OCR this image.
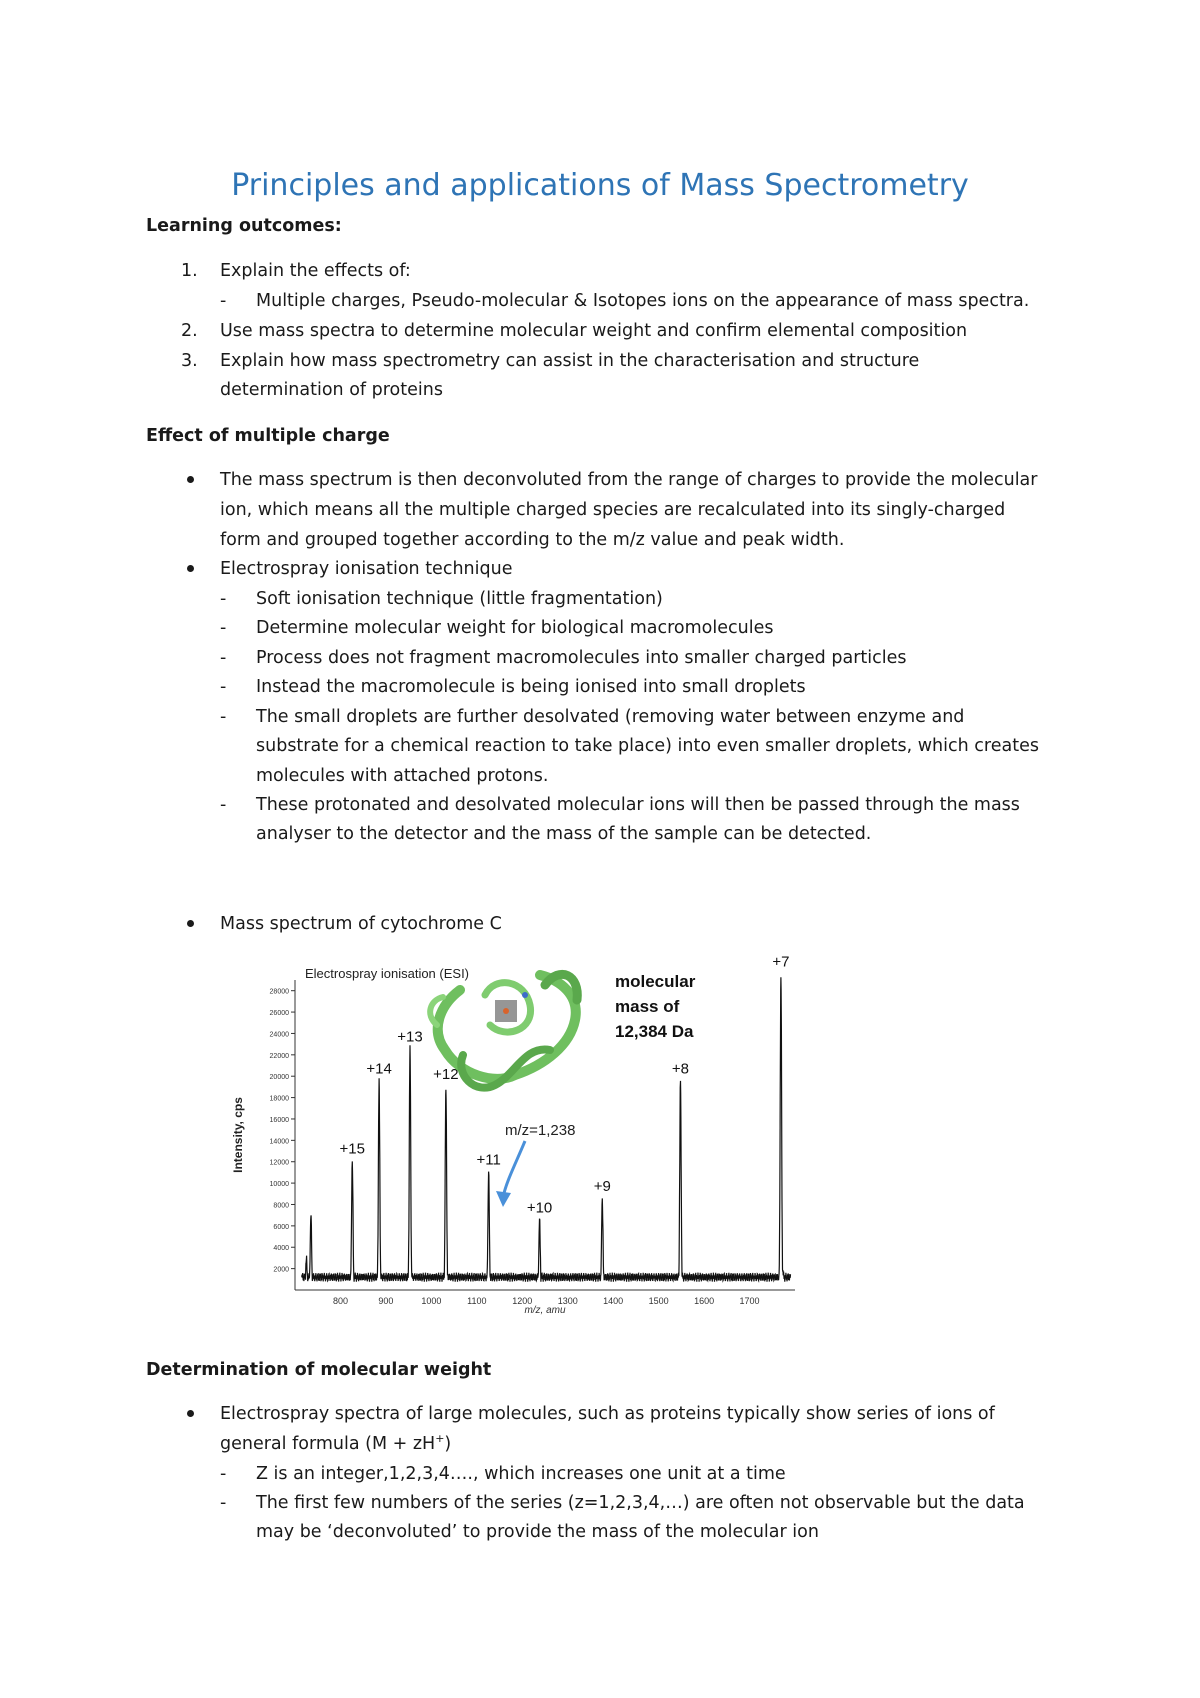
Principles and applications of Mass Spectrometry
Learning outcomes:
1. Explain the effects of:
- Multiple charges, Pseudo-molecular & Isotopes ions on the appearance of mass spectra.
2. Use mass spectra to determine molecular weight and confirm elemental composition
3. Explain how mass spectrometry can assist in the characterisation and structure
determination of proteins
Effect of multiple charge
The mass spectrum is then deconvoluted from the range of charges to provide the molecular
ion, which means all the multiple charged species are recalculated into its singly-charged
form and grouped together according to the m/z value and peak width.
Electrospray ionisation technique
- Soft ionisation technique (little fragmentation)
- Determine molecular weight for biological macromolecules
- Process does not fragment macromolecules into smaller charged particles
- Instead the macromolecule is being ionised into small droplets
- The small droplets are further desolvated (removing water between enzyme and
substrate for a chemical reaction to take place) into even smaller droplets, which creates
molecules with attached protons.
- These protonated and desolvated molecular ions will then be passed through the mass
analyser to the detector and the mass of the sample can be detected.
Mass spectrum of cytochrome C
2000
4000
6000
8000
10000
12000
14000
16000
18000
20000
22000
24000
26000
28000
800	900	1000	1100	1200	1300	1400	1500	1600	1700
+15
+14
+13
+12
+11
+10
+9
+8
+7
Electrospray ionisation (ESI)
m/z, amu
Intensity, cps
molecular
mass of
12,384 Da
m/z=1,238
Determination of molecular weight
Electrospray spectra of large molecules, such as proteins typically show series of ions of
general formula (M + zH+)
- Z is an integer,1,2,3,4…., which increases one unit at a time
- The first few numbers of the series (z=1,2,3,4,…) are often not observable but the data
may be ‘deconvoluted’ to provide the mass of the molecular ion
